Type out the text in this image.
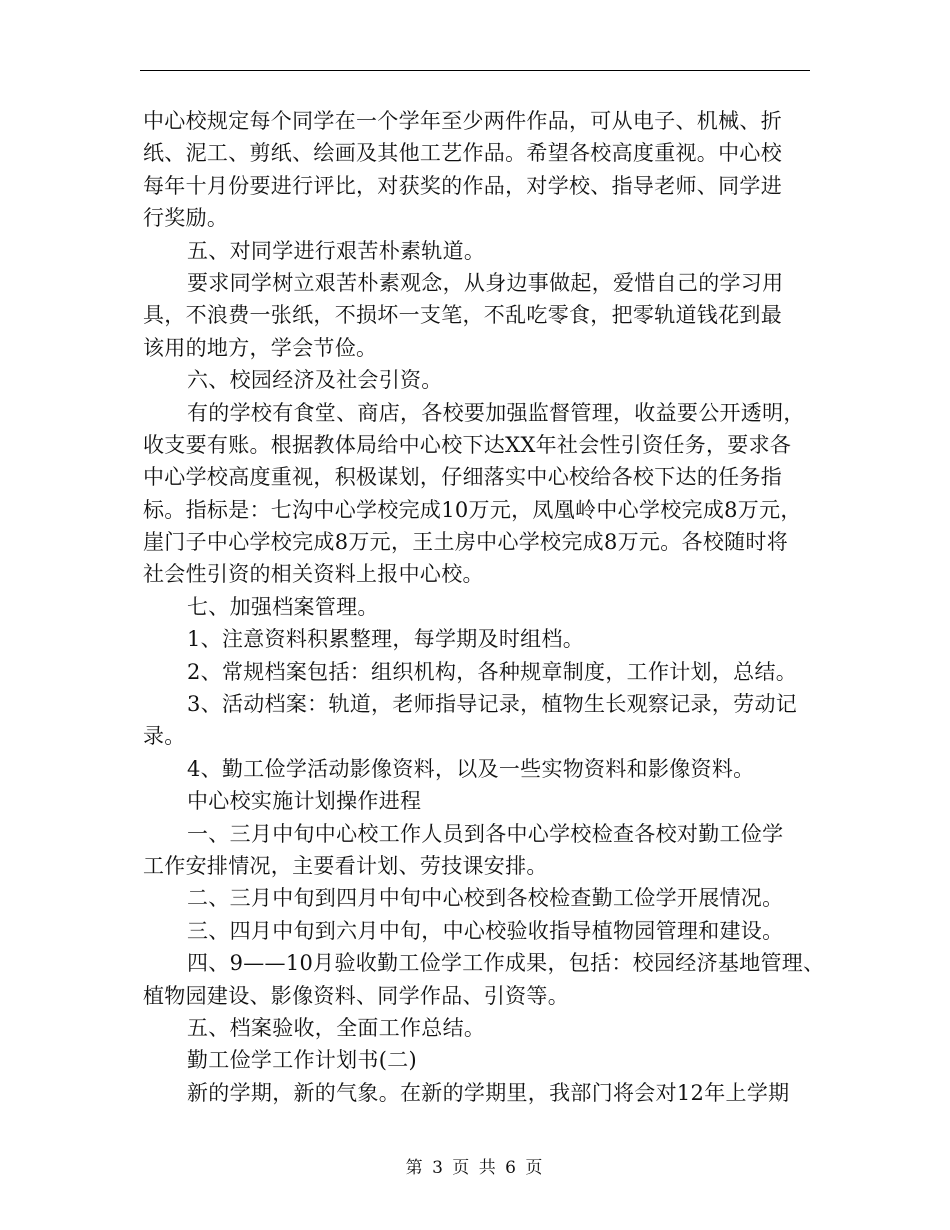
中心校规定每个同学在一个学年至少两件作品，可从电子、机械、折
纸、泥工、剪纸、绘画及其他工艺作品。希望各校高度重视。中心校
每年十月份要进行评比，对获奖的作品，对学校、指导老师、同学进
行奖励。
五、对同学进行艰苦朴素轨道。
要求同学树立艰苦朴素观念，从身边事做起，爱惜自己的学习用
具，不浪费一张纸，不损坏一支笔，不乱吃零食，把零轨道钱花到最
该用的地方，学会节俭。
六、校园经济及社会引资。
有的学校有食堂、商店，各校要加强监督管理，收益要公开透明，
收支要有账。根据教体局给中心校下达XX年社会性引资任务，要求各
中心学校高度重视，积极谋划，仔细落实中心校给各校下达的任务指
标。指标是：七沟中心学校完成10万元，凤凰岭中心学校完成8万元，
崖门子中心学校完成8万元，王土房中心学校完成8万元。各校随时将
社会性引资的相关资料上报中心校。
七、加强档案管理。
1、注意资料积累整理，每学期及时组档。
2、常规档案包括：组织机构，各种规章制度，工作计划，总结。
3、活动档案：轨道，老师指导记录，植物生长观察记录，劳动记
录。
4、勤工俭学活动影像资料，以及一些实物资料和影像资料。
中心校实施计划操作进程
一、三月中旬中心校工作人员到各中心学校检查各校对勤工俭学
工作安排情况，主要看计划、劳技课安排。
二、三月中旬到四月中旬中心校到各校检查勤工俭学开展情况。
三、四月中旬到六月中旬，中心校验收指导植物园管理和建设。
四、9——10月验收勤工俭学工作成果，包括：校园经济基地管理、
植物园建设、影像资料、同学作品、引资等。
五、档案验收，全面工作总结。
勤工俭学工作计划书(二)
新的学期，新的气象。在新的学期里，我部门将会对12年上学期
第 3 页 共 6 页
